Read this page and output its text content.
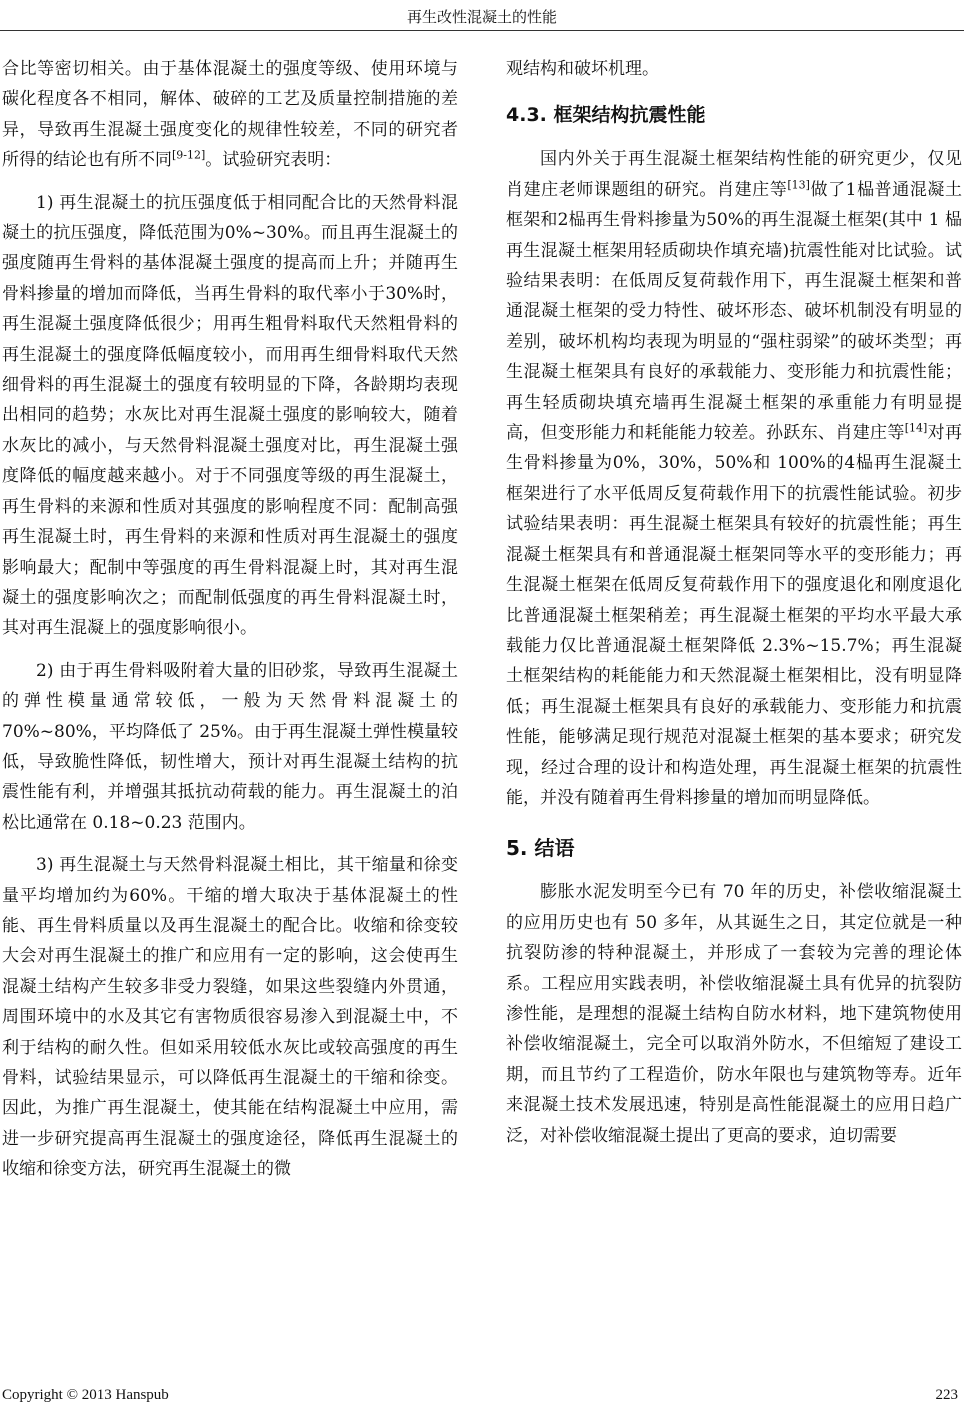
再生改性混凝土的性能

合比等密切相关。由于基体混凝土的强度等级、使用环境与碳化程度各不相同，解体、破碎的工艺及质量控制措施的差异，导致再生混凝土强度变化的规律性较差，不同的研究者所得的结论也有所不同[9-12]。试验研究表明：

1) 再生混凝土的抗压强度低于相同配合比的天然骨料混凝土的抗压强度，降低范围为0%~30%。而且再生混凝土的强度随再生骨料的基体混凝土强度的提高而上升；并随再生骨料掺量的增加而降低，当再生骨料的取代率小于30%时，再生混凝土强度降低很少；用再生粗骨料取代天然粗骨料的再生混凝土的强度降低幅度较小，而用再生细骨料取代天然细骨料的再生混凝土的强度有较明显的下降，各龄期均表现出相同的趋势；水灰比对再生混凝土强度的影响较大，随着水灰比的减小，与天然骨料混凝土强度对比，再生混凝土强度降低的幅度越来越小。对于不同强度等级的再生混凝土，再生骨料的来源和性质对其强度的影响程度不同：配制高强再生混凝土时，再生骨料的来源和性质对再生混凝土的强度影响最大；配制中等强度的再生骨料混凝上时，其对再生混凝土的强度影响次之；而配制低强度的再生骨料混凝土时，其对再生混凝上的强度影响很小。

2) 由于再生骨料吸附着大量的旧砂浆，导致再生混凝土的弹性模量通常较低，一般为天然骨料混凝土的 70%~80%，平均降低了 25%。由于再生混凝土弹性模量较低，导致脆性降低，韧性增大，预计对再生混凝土结构的抗震性能有利，并增强其抵抗动荷载的能力。再生混凝土的泊松比通常在 0.18~0.23 范围内。

3) 再生混凝土与天然骨料混凝土相比，其干缩量和徐变量平均增加约为60%。干缩的增大取决于基体混凝土的性能、再生骨料质量以及再生混凝土的配合比。收缩和徐变较大会对再生混凝土的推广和应用有一定的影响，这会使再生混凝土结构产生较多非受力裂缝，如果这些裂缝内外贯通，周围环境中的水及其它有害物质很容易渗入到混凝土中，不利于结构的耐久性。但如采用较低水灰比或较高强度的再生骨料，试验结果显示，可以降低再生混凝土的干缩和徐变。因此，为推广再生混凝土，使其能在结构混凝土中应用，需进一步研究提高再生混凝土的强度途径，降低再生混凝土的收缩和徐变方法，研究再生混凝土的微

观结构和破坏机理。

4.3. 框架结构抗震性能

国内外关于再生混凝土框架结构性能的研究更少，仅见肖建庄老师课题组的研究。肖建庄等[13]做了1榀普通混凝土框架和2榀再生骨料掺量为50%的再生混凝土框架(其中 1 榀再生混凝土框架用轻质砌块作填充墙)抗震性能对比试验。试验结果表明：在低周反复荷载作用下，再生混凝土框架和普通混凝土框架的受力特性、破坏形态、破坏机制没有明显的差别，破坏机构均表现为明显的“强柱弱梁”的破坏类型；再生混凝土框架具有良好的承载能力、变形能力和抗震性能；再生轻质砌块填充墙再生混凝土框架的承重能力有明显提高，但变形能力和耗能能力较差。孙跃东、肖建庄等[14]对再生骨料掺量为0%，30%，50%和 100%的4榀再生混凝土框架进行了水平低周反复荷载作用下的抗震性能试验。初步试验结果表明：再生混凝土框架具有较好的抗震性能；再生混凝土框架具有和普通混凝土框架同等水平的变形能力；再生混凝土框架在低周反复荷载作用下的强度退化和刚度退化比普通混凝土框架稍差；再生混凝土框架的平均水平最大承载能力仅比普通混凝土框架降低 2.3%~15.7%；再生混凝土框架结构的耗能能力和天然混凝土框架相比，没有明显降低；再生混凝土框架具有良好的承载能力、变形能力和抗震性能，能够满足现行规范对混凝土框架的基本要求；研究发现，经过合理的设计和构造处理，再生混凝土框架的抗震性能，并没有随着再生骨料掺量的增加而明显降低。

5. 结语

膨胀水泥发明至今已有 70 年的历史，补偿收缩混凝土的应用历史也有 50 多年，从其诞生之日，其定位就是一种抗裂防渗的特种混凝土，并形成了一套较为完善的理论体系。工程应用实践表明，补偿收缩混凝土具有优异的抗裂防渗性能，是理想的混凝土结构自防水材料，地下建筑物使用补偿收缩混凝土，完全可以取消外防水，不但缩短了建设工期，而且节约了工程造价，防水年限也与建筑物等寿。近年来混凝土技术发展迅速，特别是高性能混凝土的应用日趋广泛，对补偿收缩混凝土提出了更高的要求，迫切需要

Copyright © 2013 Hanspub	223
